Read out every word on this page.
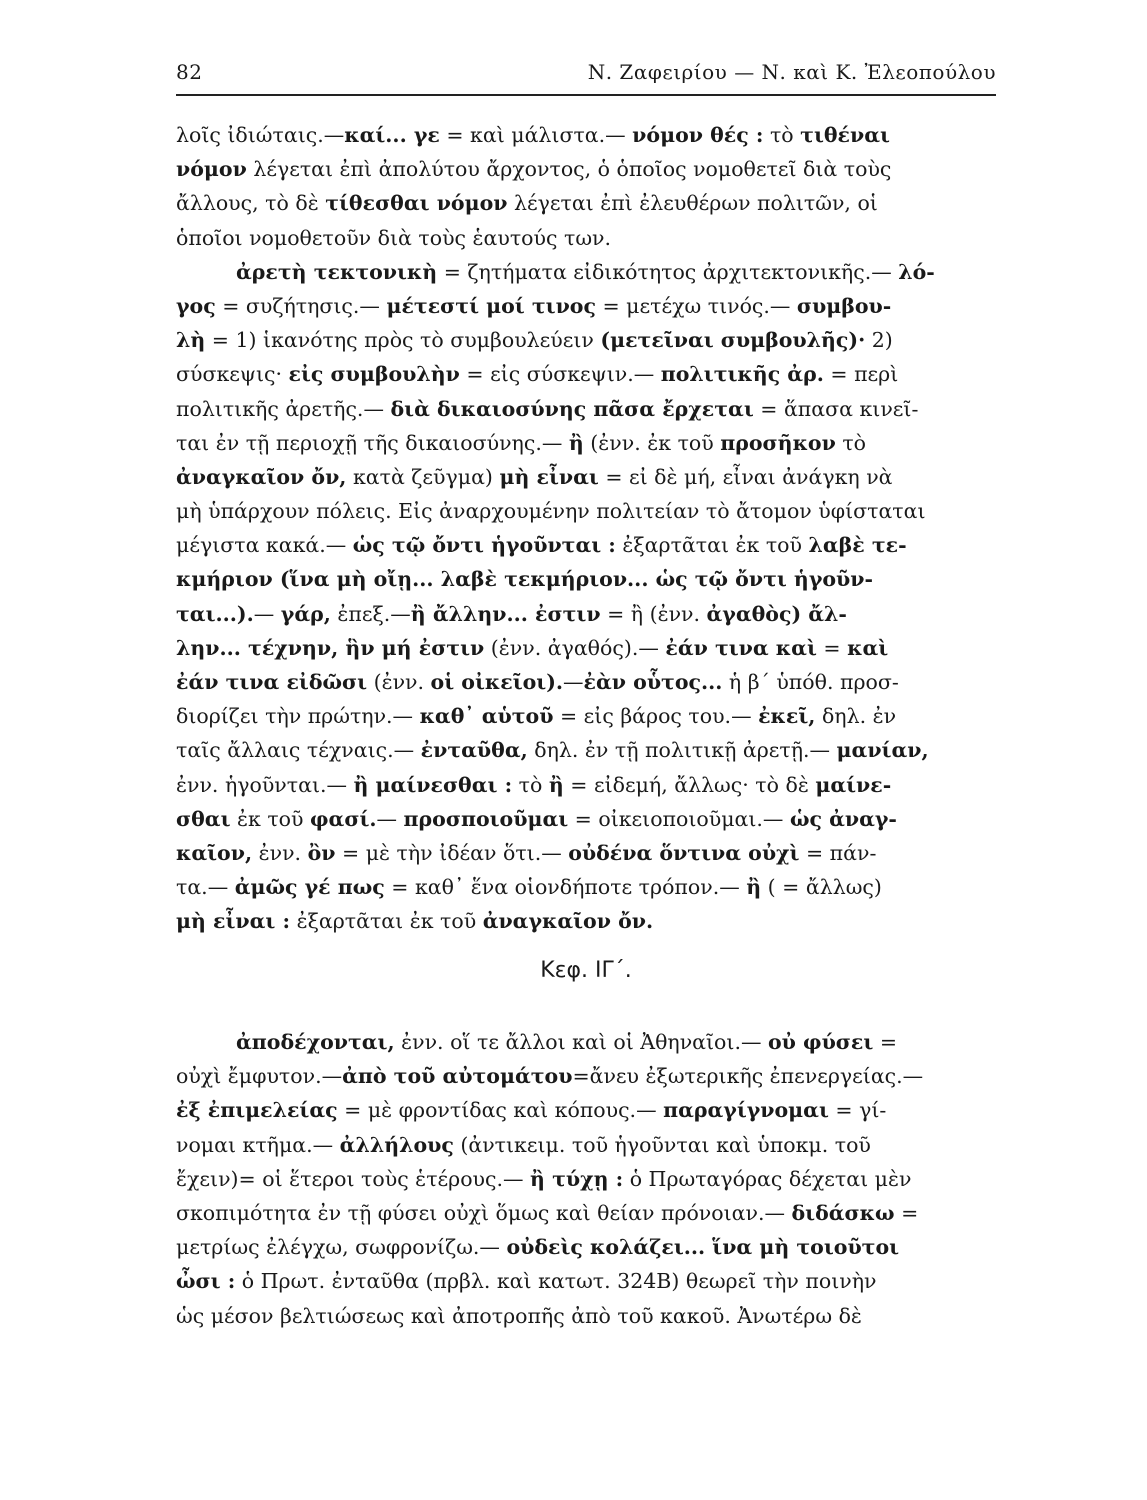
82	Ν. Ζαφειρίου — Ν. καὶ Κ. Ἐλεοπούλου
λοῖς ἰδιώταις.—καί... γε = καὶ μάλιστα.— νόμον θές : τὸ τιθέναι
νόμον λέγεται ἐπὶ ἀπολύτου ἄρχοντος, ὁ ὁποῖος νομοθετεῖ διὰ τοὺς
ἄλλους, τὸ δὲ τίθεσθαι νόμον λέγεται ἐπὶ ἐλευθέρων πολιτῶν, οἱ
ὁποῖοι νομοθετοῦν διὰ τοὺς ἑαυτούς των.
ἀρετὴ τεκτονικὴ = ζητήματα εἰδικότητος ἀρχιτεκτονικῆς.— λό-
γος = συζήτησις.— μέτεστί μοί τινος = μετέχω τινός.— συμβου-
λὴ = 1) ἱκανότης πρὸς τὸ συμβουλεύειν (μετεῖναι συμβουλῆς)· 2)
σύσκεψις· εἰς συμβουλὴν = εἰς σύσκεψιν.— πολιτικῆς ἀρ. = περὶ
πολιτικῆς ἀρετῆς.— διὰ δικαιοσύνης πᾶσα ἔρχεται = ἅπασα κινεῖ-
ται ἐν τῇ περιοχῇ τῆς δικαιοσύνης.— ἢ (ἐνν. ἐκ τοῦ προσῆκον τὸ
ἀναγκαῖον ὄν, κατὰ ζεῦγμα) μὴ εἶναι = εἰ δὲ μή, εἶναι ἀνάγκη νὰ
μὴ ὑπάρχουν πόλεις. Εἰς ἀναρχουμένην πολιτείαν τὸ ἄτομον ὑφίσταται
μέγιστα κακά.— ὡς τῷ ὄντι ἡγοῦνται : ἐξαρτᾶται ἐκ τοῦ λαβὲ τε-
κμήριον (ἵνα μὴ οἴῃ... λαβὲ τεκμήριον... ὡς τῷ ὄντι ἡγοῦν-
ται...).— γάρ, ἐπεξ.—ἢ ἄλλην... ἐστιν = ἢ (ἐνν. ἀγαθὸς) ἄλ-
λην... τέχνην, ἣν μή ἐστιν (ἐνν. ἀγαθός).— ἐάν τινα καὶ = καὶ
ἐάν τινα εἰδῶσι (ἐνν. οἱ οἰκεῖοι).—ἐὰν οὗτος... ἡ β΄ ὑπόθ. προσ-
διορίζει τὴν πρώτην.— καθ᾽ αὑτοῦ = εἰς βάρος του.— ἐκεῖ, δηλ. ἐν
ταῖς ἄλλαις τέχναις.— ἐνταῦθα, δηλ. ἐν τῇ πολιτικῇ ἀρετῇ.— μανίαν,
ἐνν. ἡγοῦνται.— ἢ μαίνεσθαι : τὸ ἢ = εἰδεμή, ἄλλως· τὸ δὲ μαίνε-
σθαι ἐκ τοῦ φασί.— προσποιοῦμαι = οἰκειοποιοῦμαι.— ὡς ἀναγ-
καῖον, ἐνν. ὂν = μὲ τὴν ἰδέαν ὅτι.— οὐδένα ὅντινα οὐχὶ = πάν-
τα.— ἀμῶς γέ πως = καθ᾽ ἕνα οἱονδήποτε τρόπον.— ἢ ( = ἄλλως)
μὴ εἶναι : ἐξαρτᾶται ἐκ τοῦ ἀναγκαῖον ὄν.
Κεφ. ΙΓ΄.
ἀποδέχονται, ἐνν. οἵ τε ἄλλοι καὶ οἱ Ἀθηναῖοι.— οὐ φύσει =
οὐχὶ ἔμφυτον.—ἀπὸ τοῦ αὐτομάτου=ἄνευ ἐξωτερικῆς ἐπενεργείας.—
ἐξ ἐπιμελείας = μὲ φροντίδας καὶ κόπους.— παραγίγνομαι = γί-
νομαι κτῆμα.— ἀλλήλους (ἀντικειμ. τοῦ ἡγοῦνται καὶ ὑποκμ. τοῦ
ἔχειν)= οἱ ἕτεροι τοὺς ἑτέρους.— ἢ τύχῃ : ὁ Πρωταγόρας δέχεται μὲν
σκοπιμότητα ἐν τῇ φύσει οὐχὶ ὅμως καὶ θείαν πρόνοιαν.— διδάσκω =
μετρίως ἐλέγχω, σωφρονίζω.— οὐδεὶς κολάζει... ἵνα μὴ τοιοῦτοι
ὦσι : ὁ Πρωτ. ἐνταῦθα (πρβλ. καὶ κατωτ. 324Β) θεωρεῖ τὴν ποινὴν
ὡς μέσον βελτιώσεως καὶ ἀποτροπῆς ἀπὸ τοῦ κακοῦ. Ἀνωτέρω δὲ
